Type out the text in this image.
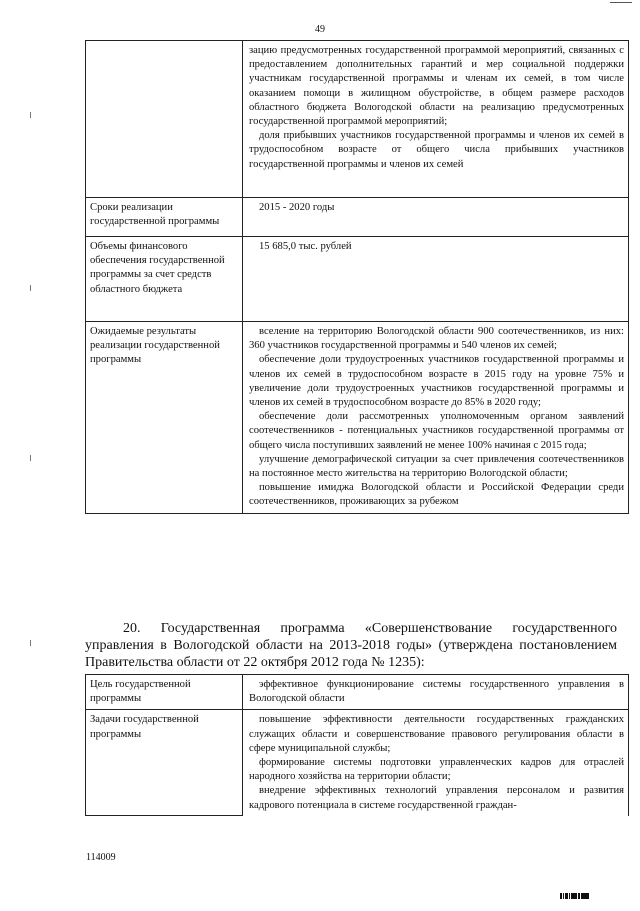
49

	зацию предусмотренных государственной программой мероприятий, связанных с предоставлением дополнительных гарантий и мер социальной поддержки участникам государственной программы и членам их семей, в том числе оказанием помощи в жилищном обустройстве, в общем размере расходов областного бюджета Вологодской области на реализацию предусмотренных государственной программой мероприятий;
доля прибывших участников государственной программы и членов их семей в трудоспособном возрасте от общего числа прибывших участников государственной программы и членов их семей

Сроки реализации государственной программы	2015 - 2020 годы

Объемы финансового обеспечения государственной программы за счет средств областного бюджета	15 685,0 тыс. рублей

Ожидаемые результаты реализации государственной программы	вселение на территорию Вологодской области 900 соотечественников, из них: 360 участников государственной программы и 540 членов их семей;
обеспечение доли трудоустроенных участников государственной программы и членов их семей в трудоспособном возрасте в 2015 году на уровне 75% и увеличение доли трудоустроенных участников государственной программы и членов их семей в трудоспособном возрасте до 85% в 2020 году;
обеспечение доли рассмотренных уполномоченным органом заявлений соотечественников - потенциальных участников государственной программы от общего числа поступивших заявлений не менее 100% начиная с 2015 года;
улучшение демографической ситуации за счет привлечения соотечественников на постоянное место жительства на территорию Вологодской области;
повышение имиджа Вологодской области и Российской Федерации среди соотечественников, проживающих за рубежом
20. Государственная программа «Совершенствование государственного управления в Вологодской области на 2013-2018 годы» (утверждена постановлением Правительства области от 22 октября 2012 года № 1235):
Цель государственной программы	эффективное функционирование системы государственного управления в Вологодской области

Задачи государственной программы	повышение эффективности деятельности государственных гражданских служащих области и совершенствование правового регулирования области в сфере муниципальной службы;
формирование системы подготовки управленческих кадров для отраслей народного хозяйства на территории области;
внедрение эффективных технологий управления персоналом и развития кадрового потенциала в системе государственной граждан-
114009
